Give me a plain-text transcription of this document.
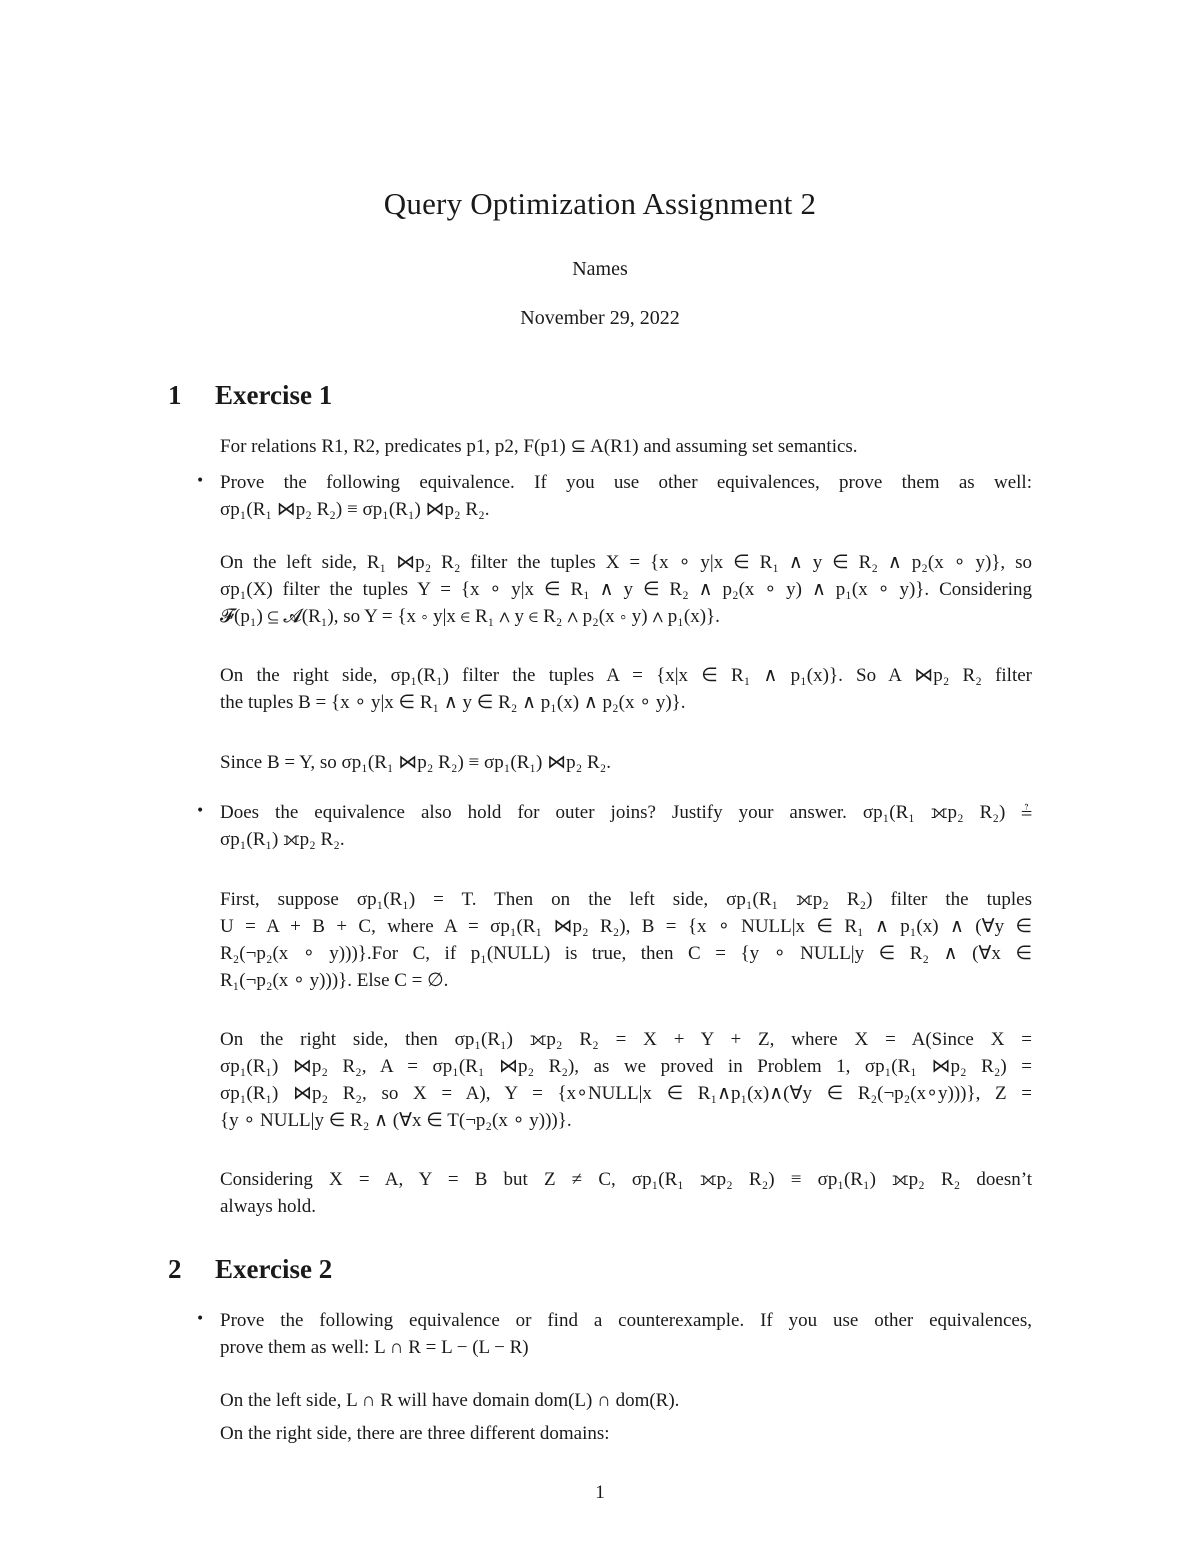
Query Optimization Assignment 2
Names
November 29, 2022
1 Exercise 1
For relations R1, R2, predicates p1, p2, F(p1) ⊆ A(R1) and assuming set semantics.
• Prove the following equivalence. If you use other equivalences, prove them as well:
σp₁(R₁ ⋈p₂ R₂) ≡ σp₁(R₁) ⋈p₂ R₂.
On the left side, R₁ ⋈p₂ R₂ filter the tuples X = {x ∘ y|x ∈ R₁ ∧ y ∈ R₂ ∧ p₂(x ∘ y)}, so
σp₁(X) filter the tuples Y = {x ∘ y|x ∈ R₁ ∧ y ∈ R₂ ∧ p₂(x ∘ y) ∧ p₁(x ∘ y)}. Considering
𝓕(p₁) ⊆ 𝓐(R₁), so Y = {x ∘ y|x ∈ R₁ ∧ y ∈ R₂ ∧ p₂(x ∘ y) ∧ p₁(x)}.
On the right side, σp₁(R₁) filter the tuples A = {x|x ∈ R₁ ∧ p₁(x)}. So A ⋈p₂ R₂ filter
the tuples B = {x ∘ y|x ∈ R₁ ∧ y ∈ R₂ ∧ p₁(x) ∧ p₂(x ∘ y)}.
Since B = Y, so σp₁(R₁ ⋈p₂ R₂) ≡ σp₁(R₁) ⋈p₂ R₂.
• Does the equivalence also hold for outer joins? Justify your answer. σp₁(R₁ ⟗p₂ R₂) ≟
σp₁(R₁) ⟗p₂ R₂.
First, suppose σp₁(R₁) = T. Then on the left side, σp₁(R₁ ⟗p₂ R₂) filter the tuples
U = A + B + C, where A = σp₁(R₁ ⋈p₂ R₂), B = {x ∘ NULL|x ∈ R₁ ∧ p₁(x) ∧ (∀y ∈
R₂(¬p₂(x ∘ y)))}.For C, if p₁(NULL) is true, then C = {y ∘ NULL|y ∈ R₂ ∧ (∀x ∈
R₁(¬p₂(x ∘ y)))}. Else C = ∅.
On the right side, then σp₁(R₁) ⟗p₂ R₂ = X + Y + Z, where X = A(Since X =
σp₁(R₁) ⋈p₂ R₂, A = σp₁(R₁ ⋈p₂ R₂), as we proved in Problem 1, σp₁(R₁ ⋈p₂ R₂) =
σp₁(R₁) ⋈p₂ R₂, so X = A), Y = {x∘NULL|x ∈ R₁∧p₁(x)∧(∀y ∈ R₂(¬p₂(x∘y)))}, Z =
{y ∘ NULL|y ∈ R₂ ∧ (∀x ∈ T(¬p₂(x ∘ y)))}.
Considering X = A, Y = B but Z ≠ C, σp₁(R₁ ⟗p₂ R₂) ≡ σp₁(R₁) ⟗p₂ R₂ doesn’t
always hold.
2 Exercise 2
• Prove the following equivalence or find a counterexample. If you use other equivalences,
prove them as well: L ∩ R = L − (L − R)
On the left side, L ∩ R will have domain dom(L) ∩ dom(R).
On the right side, there are three different domains:
1
